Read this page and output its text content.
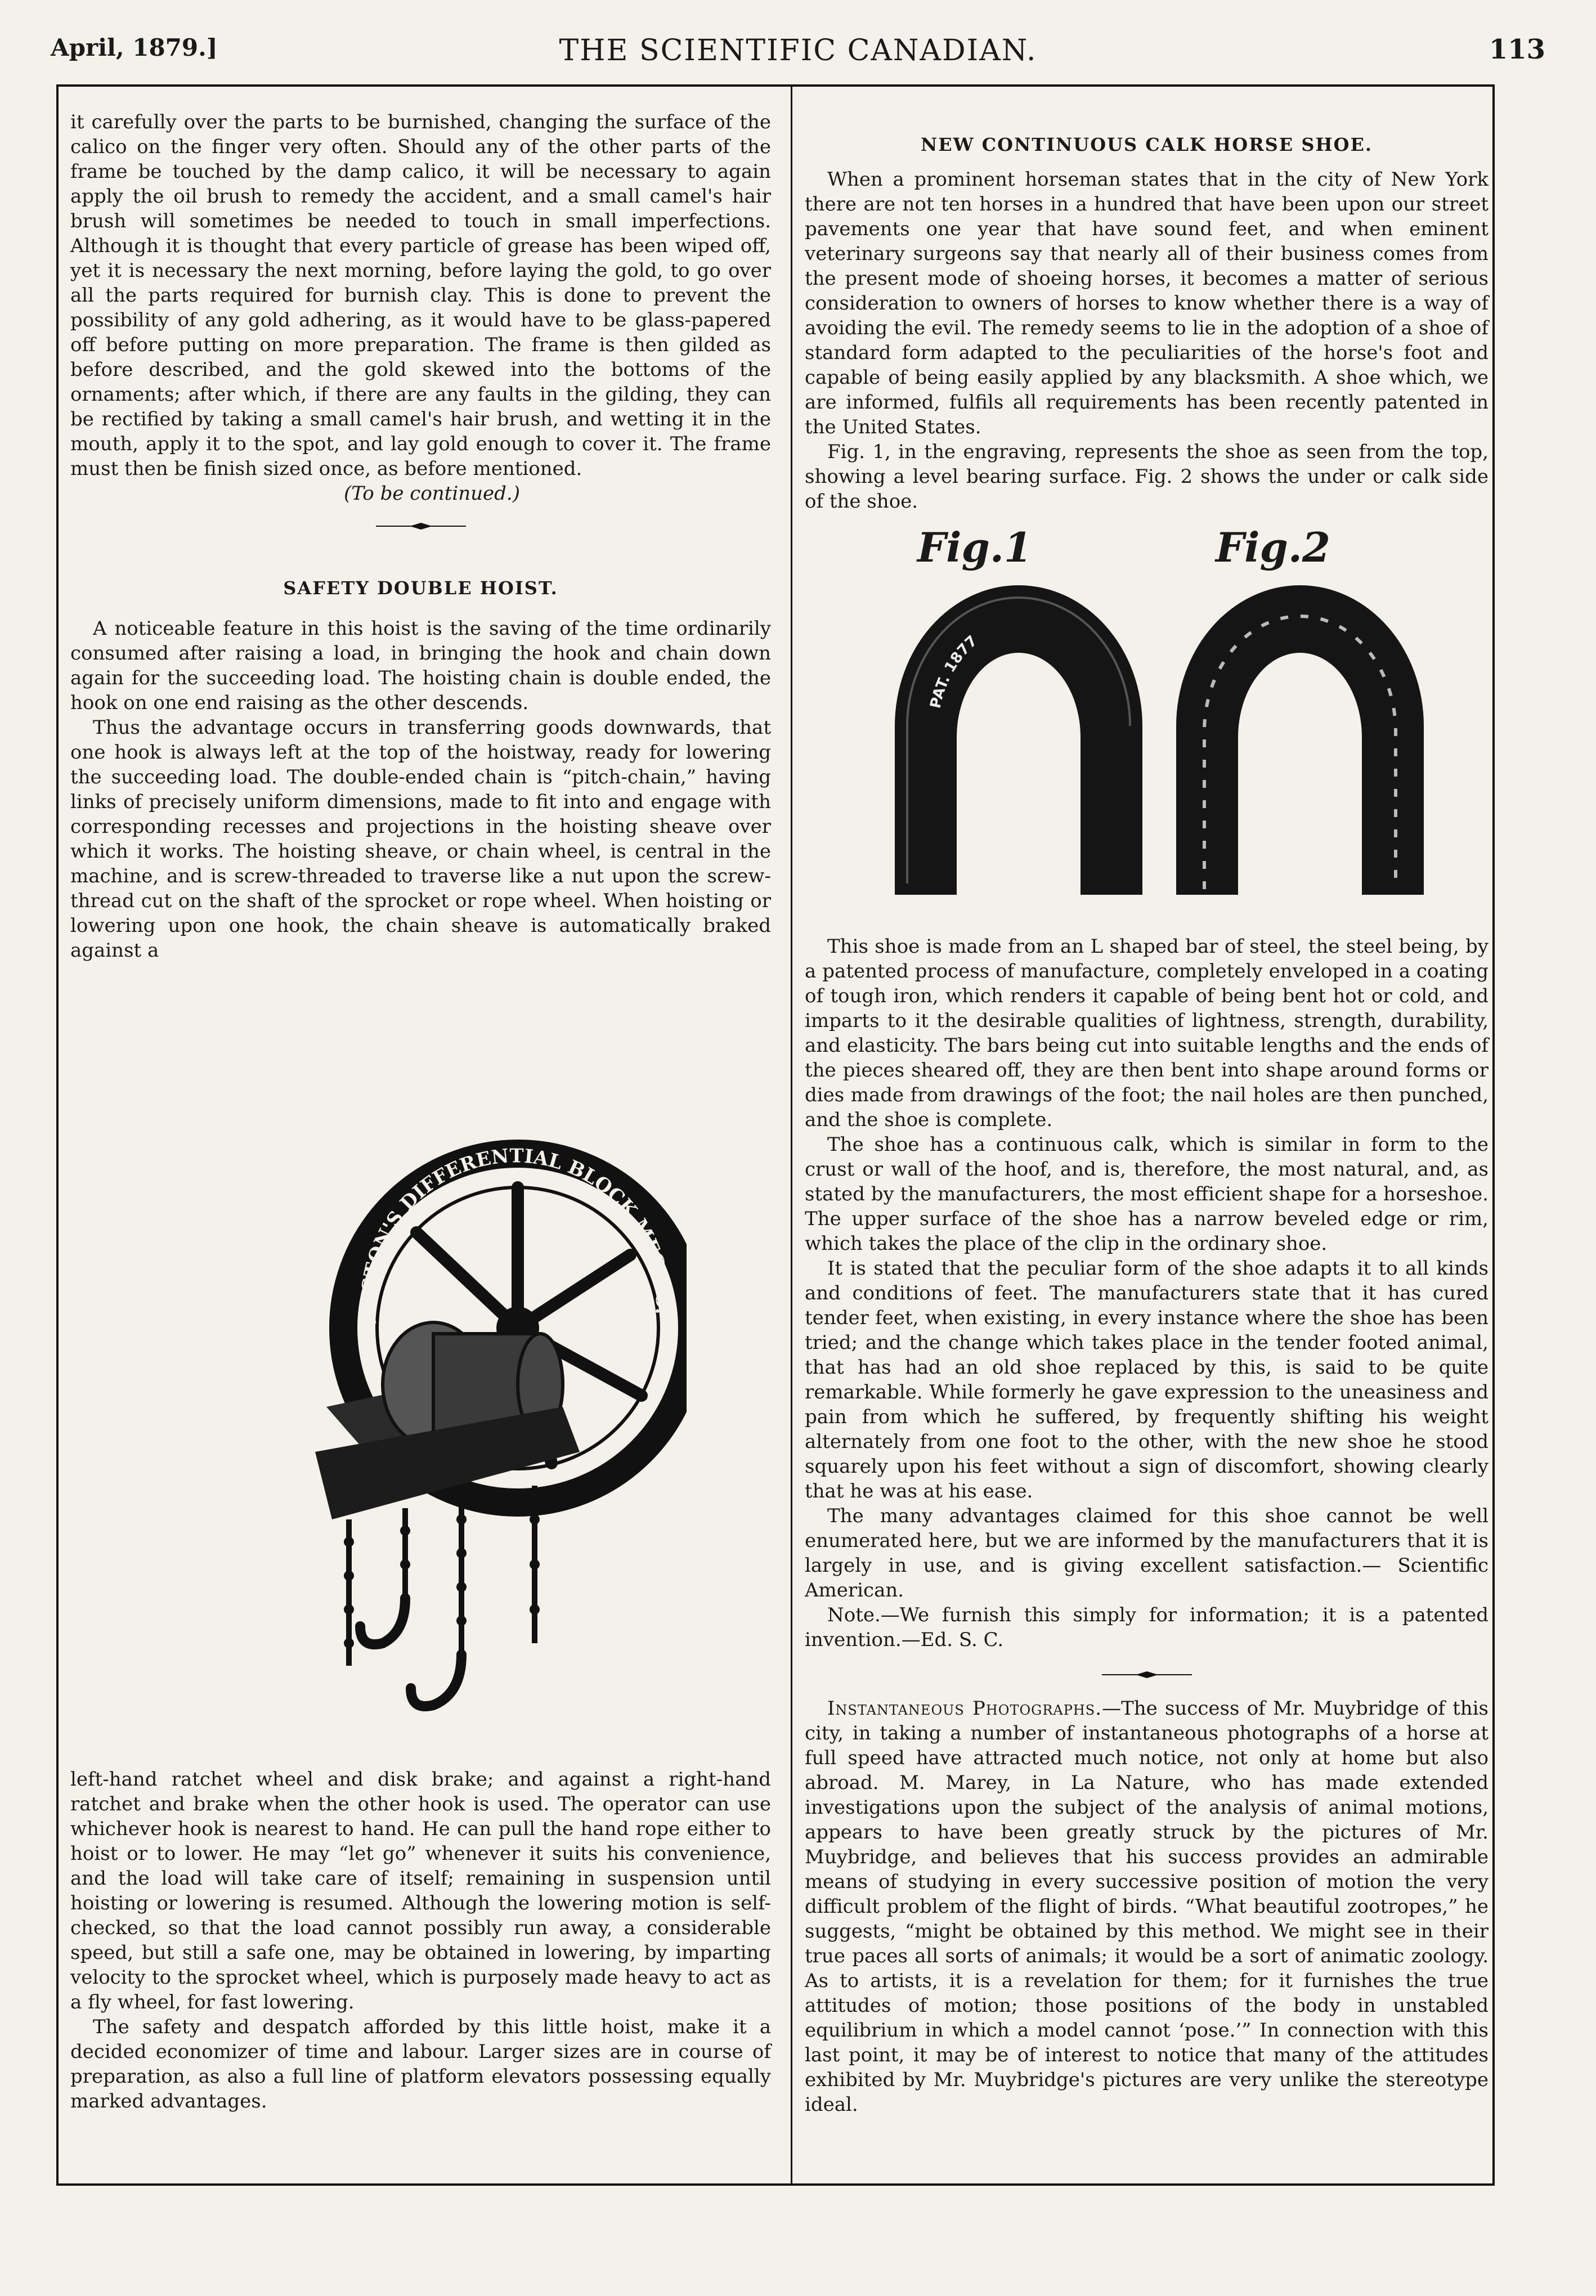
April, 1879.]	THE SCIENTIFIC CANADIAN.	113

it carefully over the parts to be burnished, changing the surface of the calico on the finger very often. Should any of the other parts of the frame be touched by the damp calico, it will be necessary to again apply the oil brush to remedy the accident, and a small camel's hair brush will sometimes be needed to touch in small imperfections. Although it is thought that every particle of grease has been wiped off, yet it is necessary the next morning, before laying the gold, to go over all the parts required for burnish clay. This is done to prevent the possibility of any gold adhering, as it would have to be glass-papered off before putting on more preparation. The frame is then gilded as before described, and the gold skewed into the bottoms of the ornaments; after which, if there are any faults in the gilding, they can be rectified by taking a small camel's hair brush, and wetting it in the mouth, apply it to the spot, and lay gold enough to cover it. The frame must then be finish sized once, as before mentioned.

(To be continued.)

SAFETY DOUBLE HOIST.

A noticeable feature in this hoist is the saving of the time ordinarily consumed after raising a load, in bringing the hook and chain down again for the succeeding load. The hoisting chain is double ended, the hook on one end raising as the other descends.

Thus the advantage occurs in transferring goods downwards, that one hook is always left at the top of the hoistway, ready for lowering the succeeding load. The double-ended chain is “pitch-chain,” having links of precisely uniform dimensions, made to fit into and engage with corresponding recesses and projections in the hoisting sheave over which it works. The hoisting sheave, or chain wheel, is central in the machine, and is screw-threaded to traverse like a nut upon the screw-thread cut on the shaft of the sprocket or rope wheel. When hoisting or lowering upon one hook, the chain sheave is automatically braked against a

WESTON'S DIFFERENTIAL BLOCK MFG CO.

left-hand ratchet wheel and disk brake; and against a right-hand ratchet and brake when the other hook is used. The operator can use whichever hook is nearest to hand. He can pull the hand rope either to hoist or to lower. He may “let go” whenever it suits his convenience, and the load will take care of itself; remaining in suspension until hoisting or lowering is resumed. Although the lowering motion is self-checked, so that the load cannot possibly run away, a considerable speed, but still a safe one, may be obtained in lowering, by imparting velocity to the sprocket wheel, which is purposely made heavy to act as a fly wheel, for fast lowering.

The safety and despatch afforded by this little hoist, make it a decided economizer of time and labour. Larger sizes are in course of preparation, as also a full line of platform elevators possessing equally marked advantages.

NEW CONTINUOUS CALK HORSE SHOE.

When a prominent horseman states that in the city of New York there are not ten horses in a hundred that have been upon our street pavements one year that have sound feet, and when eminent veterinary surgeons say that nearly all of their business comes from the present mode of shoeing horses, it becomes a matter of serious consideration to owners of horses to know whether there is a way of avoiding the evil. The remedy seems to lie in the adoption of a shoe of standard form adapted to the peculiarities of the horse's foot and capable of being easily applied by any blacksmith. A shoe which, we are informed, fulfils all requirements has been recently patented in the United States.

Fig. 1, in the engraving, represents the shoe as seen from the top, showing a level bearing surface. Fig. 2 shows the under or calk side of the shoe.

Fig.1	Fig.2
PAT. 1877

This shoe is made from an L shaped bar of steel, the steel being, by a patented process of manufacture, completely enveloped in a coating of tough iron, which renders it capable of being bent hot or cold, and imparts to it the desirable qualities of lightness, strength, durability, and elasticity. The bars being cut into suitable lengths and the ends of the pieces sheared off, they are then bent into shape around forms or dies made from drawings of the foot; the nail holes are then punched, and the shoe is complete.

The shoe has a continuous calk, which is similar in form to the crust or wall of the hoof, and is, therefore, the most natural, and, as stated by the manufacturers, the most efficient shape for a horseshoe. The upper surface of the shoe has a narrow beveled edge or rim, which takes the place of the clip in the ordinary shoe.

It is stated that the peculiar form of the shoe adapts it to all kinds and conditions of feet. The manufacturers state that it has cured tender feet, when existing, in every instance where the shoe has been tried; and the change which takes place in the tender footed animal, that has had an old shoe replaced by this, is said to be quite remarkable. While formerly he gave expression to the uneasiness and pain from which he suffered, by frequently shifting his weight alternately from one foot to the other, with the new shoe he stood squarely upon his feet without a sign of discomfort, showing clearly that he was at his ease.

The many advantages claimed for this shoe cannot be well enumerated here, but we are informed by the manufacturers that it is largely in use, and is giving excellent satisfaction.— Scientific American.

Note.—We furnish this simply for information; it is a patented invention.—Ed. S. C.

Instantaneous Photographs.—The success of Mr. Muybridge of this city, in taking a number of instantaneous photographs of a horse at full speed have attracted much notice, not only at home but also abroad. M. Marey, in La Nature, who has made extended investigations upon the subject of the analysis of animal motions, appears to have been greatly struck by the pictures of Mr. Muybridge, and believes that his success provides an admirable means of studying in every successive position of motion the very difficult problem of the flight of birds. “What beautiful zootropes,” he suggests, “might be obtained by this method. We might see in their true paces all sorts of animals; it would be a sort of animatic zoology. As to artists, it is a revelation for them; for it furnishes the true attitudes of motion; those positions of the body in unstabled equilibrium in which a model cannot ‘pose.’” In connection with this last point, it may be of interest to notice that many of the attitudes exhibited by Mr. Muybridge's pictures are very unlike the stereotype ideal.
